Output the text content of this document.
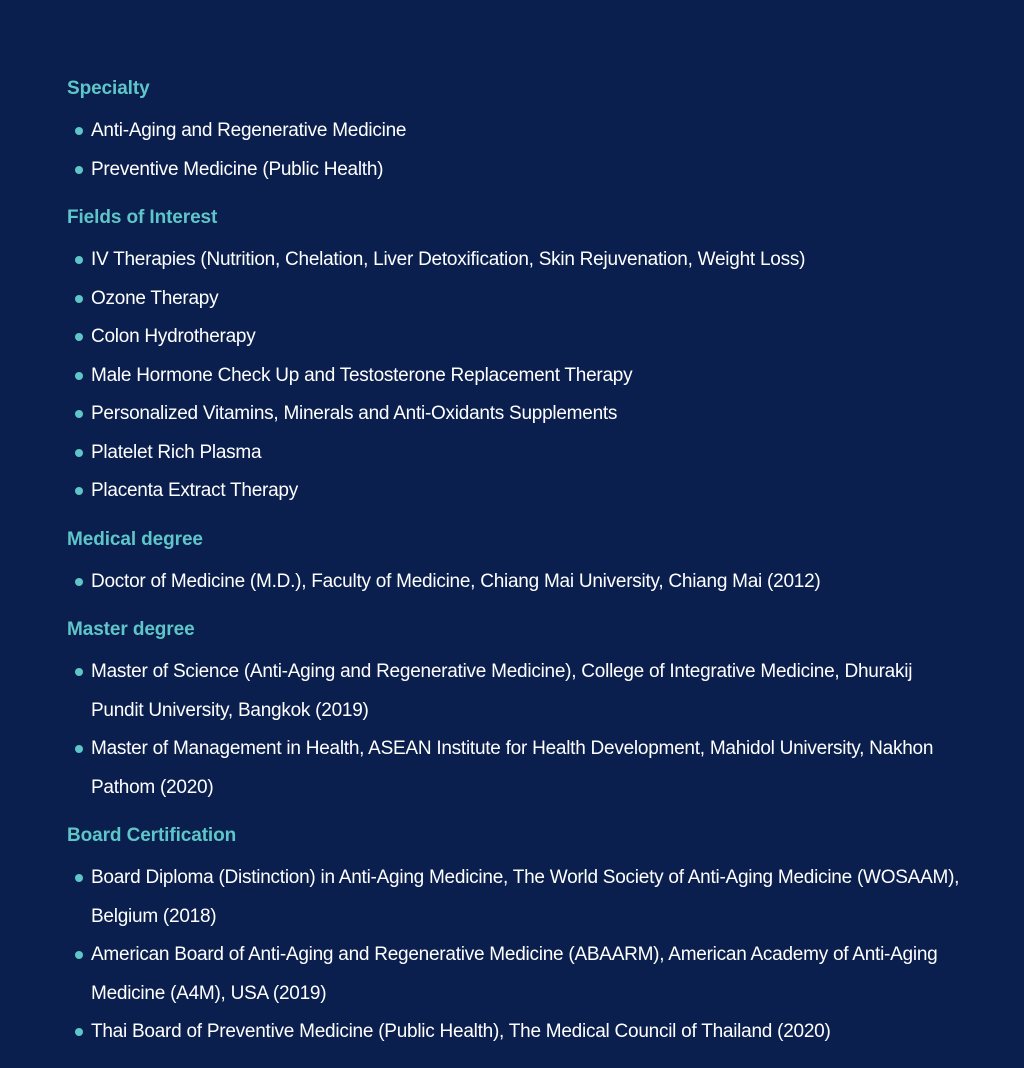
Specialty
Anti-Aging and Regenerative Medicine
Preventive Medicine (Public Health)
Fields of Interest
IV Therapies (Nutrition, Chelation, Liver Detoxification, Skin Rejuvenation, Weight Loss)
Ozone Therapy
Colon Hydrotherapy
Male Hormone Check Up and Testosterone Replacement Therapy
Personalized Vitamins, Minerals and Anti-Oxidants Supplements
Platelet Rich Plasma
Placenta Extract Therapy
Medical degree
Doctor of Medicine (M.D.), Faculty of Medicine, Chiang Mai University, Chiang Mai (2012)
Master degree
Master of Science (Anti-Aging and Regenerative Medicine), College of Integrative Medicine, Dhurakij Pundit University, Bangkok (2019)
Master of Management in Health, ASEAN Institute for Health Development, Mahidol University, Nakhon Pathom (2020)
Board Certification
Board Diploma (Distinction) in Anti-Aging Medicine, The World Society of Anti-Aging Medicine (WOSAAM), Belgium (2018)
American Board of Anti-Aging and Regenerative Medicine (ABAARM), American Academy of Anti-Aging Medicine (A4M), USA (2019)
Thai Board of Preventive Medicine (Public Health), The Medical Council of Thailand (2020)
